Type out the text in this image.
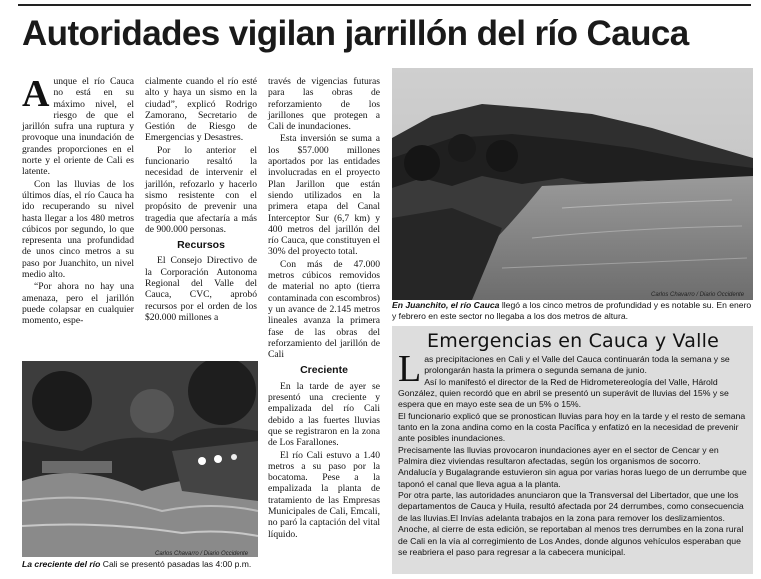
Autoridades vigilan jarrillón del río Cauca

Aunque el río Cauca no está en su máximo nivel, el riesgo de que el jarillón sufra una ruptura y provoque una inundación de grandes proporciones en el norte y el oriente de Cali es latente.

Con las lluvias de los últimos días, el río Cauca ha ido recuperando su nivel hasta llegar a los 480 metros cúbicos por segundo, lo que representa una profundidad de unos cinco metros a su paso por Juanchito, un nivel medio alto.

“Por ahora no hay una amenaza, pero el jarillón puede colapsar en cualquier momento, espe-

cialmente cuando el río esté alto y haya un sismo en la ciudad”, explicó Rodrigo Zamorano, Secretario de Gestión de Riesgo de Emergencias y Desastres.

Por lo anterior el funcionario resaltó la necesidad de intervenir el jarillón, refozarlo y hacerlo sismo resistente con el propósito de prevenir una tragedia que afectaría a más de 900.000 personas.

Recursos

El Consejo Directivo de la Corporación Autonoma Regional del Valle del Cauca, CVC, aprobó recursos por el orden de los $20.000 millones a

través de vigencias futuras para las obras de reforzamiento de los jarillones que protegen a Cali de inundaciones.

Esta inversión se suma a los $57.000 millones aportados por las entidades involucradas en el proyecto Plan Jarillon que están siendo utilizados en la primera etapa del Canal Interceptor Sur (6,7 km) y 400 metros del jarillón del río Cauca, que constituyen el 30% del proyecto total.

Con más de 47.000 metros cúbicos removidos de material no apto (tierra contaminada con escombros) y un avance de 2.145 metros lineales avanza la primera fase de las obras del reforzamiento del jarillón de Cali

Creciente

En la tarde de ayer se presentó una creciente y empalizada del río Cali debido a las fuertes lluvias que se registraron en la zona de Los Farallones.

El río Cali estuvo a 1.40 metros a su paso por la bocatoma. Pese a la empalizada la planta de tratamiento de las Empresas Municipales de Cali, Emcali, no paró la captación del vital líquido.

Carlos Chavarro / Diario Occidente
En Juanchito, el río Cauca llegó a los cinco metros de profundidad y es notable su. En enero y febrero en este sector no llegaba a los dos metros de altura.
Carlos Chavarro / Diario Occidente
La creciente del río Cali se presentó pasadas las 4:00 p.m.
Emergencias en Cauca y Valle

Las precipitaciones en Cali y el Valle del Cauca continuarán toda la semana y se prolongarán hasta la primera o segunda semana de junio.

Así lo manifestó el director de la Red de Hidrometereología del Valle, Hárold González, quien recordó que en abril se presentó un superávit de lluvias del 15% y se espera que en mayo este sea de un 5% o 15%.

El funcionario explicó que se pronostican lluvias para hoy en la tarde y el resto de semana tanto en la zona andina como en la costa Pacífica y enfatizó en la necesidad de prevenir ante posibles inundaciones.

Precisamente las lluvias provocaron inundaciones ayer en el sector de Cencar y en Palmira diez viviendas resultaron afectadas, según los organismos de socorro.

Andalucía y Bugalagrande estuvieron sin agua por varias horas luego de un derrumbe que taponó el canal que lleva agua a la planta.

Por otra parte, las autoridades anunciaron que la Transversal del Libertador, que une los departamentos de Cauca y Huila, resultó afectada por 24 derrumbes, como consecuencia de las lluvias.El Invías adelanta trabajos en la zona para remover los deslizamientos.

Anoche, al cierre de esta edición, se reportaban al menos tres derrumbes en la zona rural de Cali en la vía al corregimiento de Los Andes, donde algunos vehículos esperaban que se reabriera el paso para regresar a la cabecera municipal.
